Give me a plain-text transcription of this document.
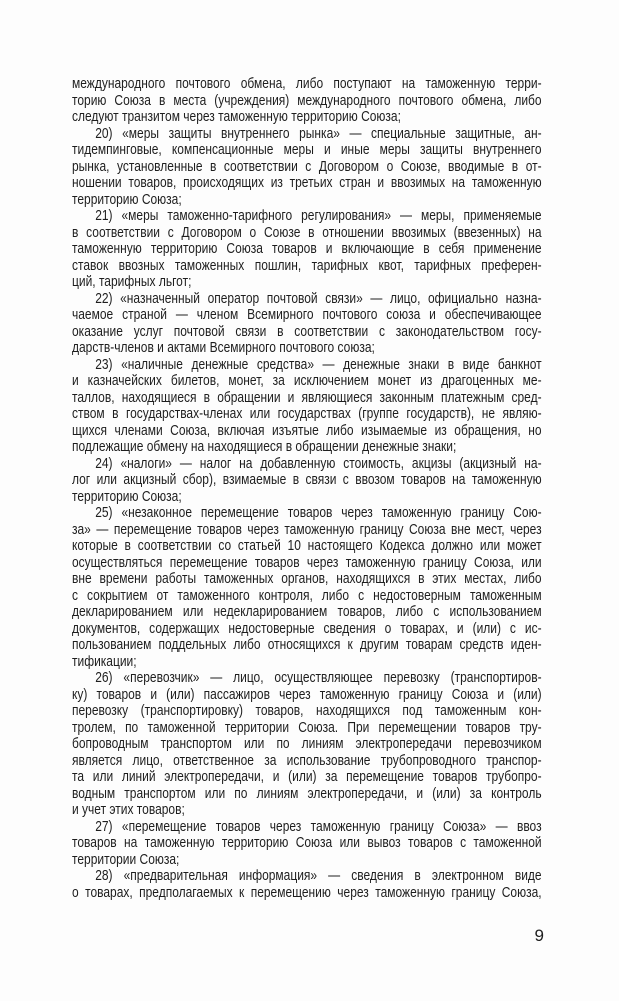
международного почтового обмена, либо поступают на таможенную терри-
торию Союза в места (учреждения) международного почтового обмена, либо
следуют транзитом через таможенную территорию Союза;
20) «меры защиты внутреннего рынка» — специальные защитные, ан-
тидемпинговые, компенсационные меры и иные меры защиты внутреннего
рынка, установленные в соответствии с Договором о Союзе, вводимые в от-
ношении товаров, происходящих из третьих стран и ввозимых на таможенную
территорию Союза;
21) «меры таможенно-тарифного регулирования» — меры, применяемые
в соответствии с Договором о Союзе в отношении ввозимых (ввезенных) на
таможенную территорию Союза товаров и включающие в себя применение
ставок ввозных таможенных пошлин, тарифных квот, тарифных преферен-
ций, тарифных льгот;
22) «назначенный оператор почтовой связи» — лицо, официально назна-
чаемое страной — членом Всемирного почтового союза и обеспечивающее
оказание услуг почтовой связи в соответствии с законодательством госу-
дарств-членов и актами Всемирного почтового союза;
23) «наличные денежные средства» — денежные знаки в виде банкнот
и казначейских билетов, монет, за исключением монет из драгоценных ме-
таллов, находящиеся в обращении и являющиеся законным платежным сред-
ством в государствах-членах или государствах (группе государств), не являю-
щихся членами Союза, включая изъятые либо изымаемые из обращения, но
подлежащие обмену на находящиеся в обращении денежные знаки;
24) «налоги» — налог на добавленную стоимость, акцизы (акцизный на-
лог или акцизный сбор), взимаемые в связи с ввозом товаров на таможенную
территорию Союза;
25) «незаконное перемещение товаров через таможенную границу Сою-
за» — перемещение товаров через таможенную границу Союза вне мест, через
которые в соответствии со статьей 10 настоящего Кодекса должно или может
осуществляться перемещение товаров через таможенную границу Союза, или
вне времени работы таможенных органов, находящихся в этих местах, либо
с сокрытием от таможенного контроля, либо с недостоверным таможенным
декларированием или недекларированием товаров, либо с использованием
документов, содержащих недостоверные сведения о товарах, и (или) с ис-
пользованием поддельных либо относящихся к другим товарам средств иден-
тификации;
26) «перевозчик» — лицо, осуществляющее перевозку (транспортиров-
ку) товаров и (или) пассажиров через таможенную границу Союза и (или)
перевозку (транспортировку) товаров, находящихся под таможенным кон-
тролем, по таможенной территории Союза. При перемещении товаров тру-
бопроводным транспортом или по линиям электропередачи перевозчиком
является лицо, ответственное за использование трубопроводного транспор-
та или линий электропередачи, и (или) за перемещение товаров трубопро-
водным транспортом или по линиям электропередачи, и (или) за контроль
и учет этих товаров;
27) «перемещение товаров через таможенную границу Союза» — ввоз
товаров на таможенную территорию Союза или вывоз товаров с таможенной
территории Союза;
28) «предварительная информация» — сведения в электронном виде
о товарах, предполагаемых к перемещению через таможенную границу Союза,
9
